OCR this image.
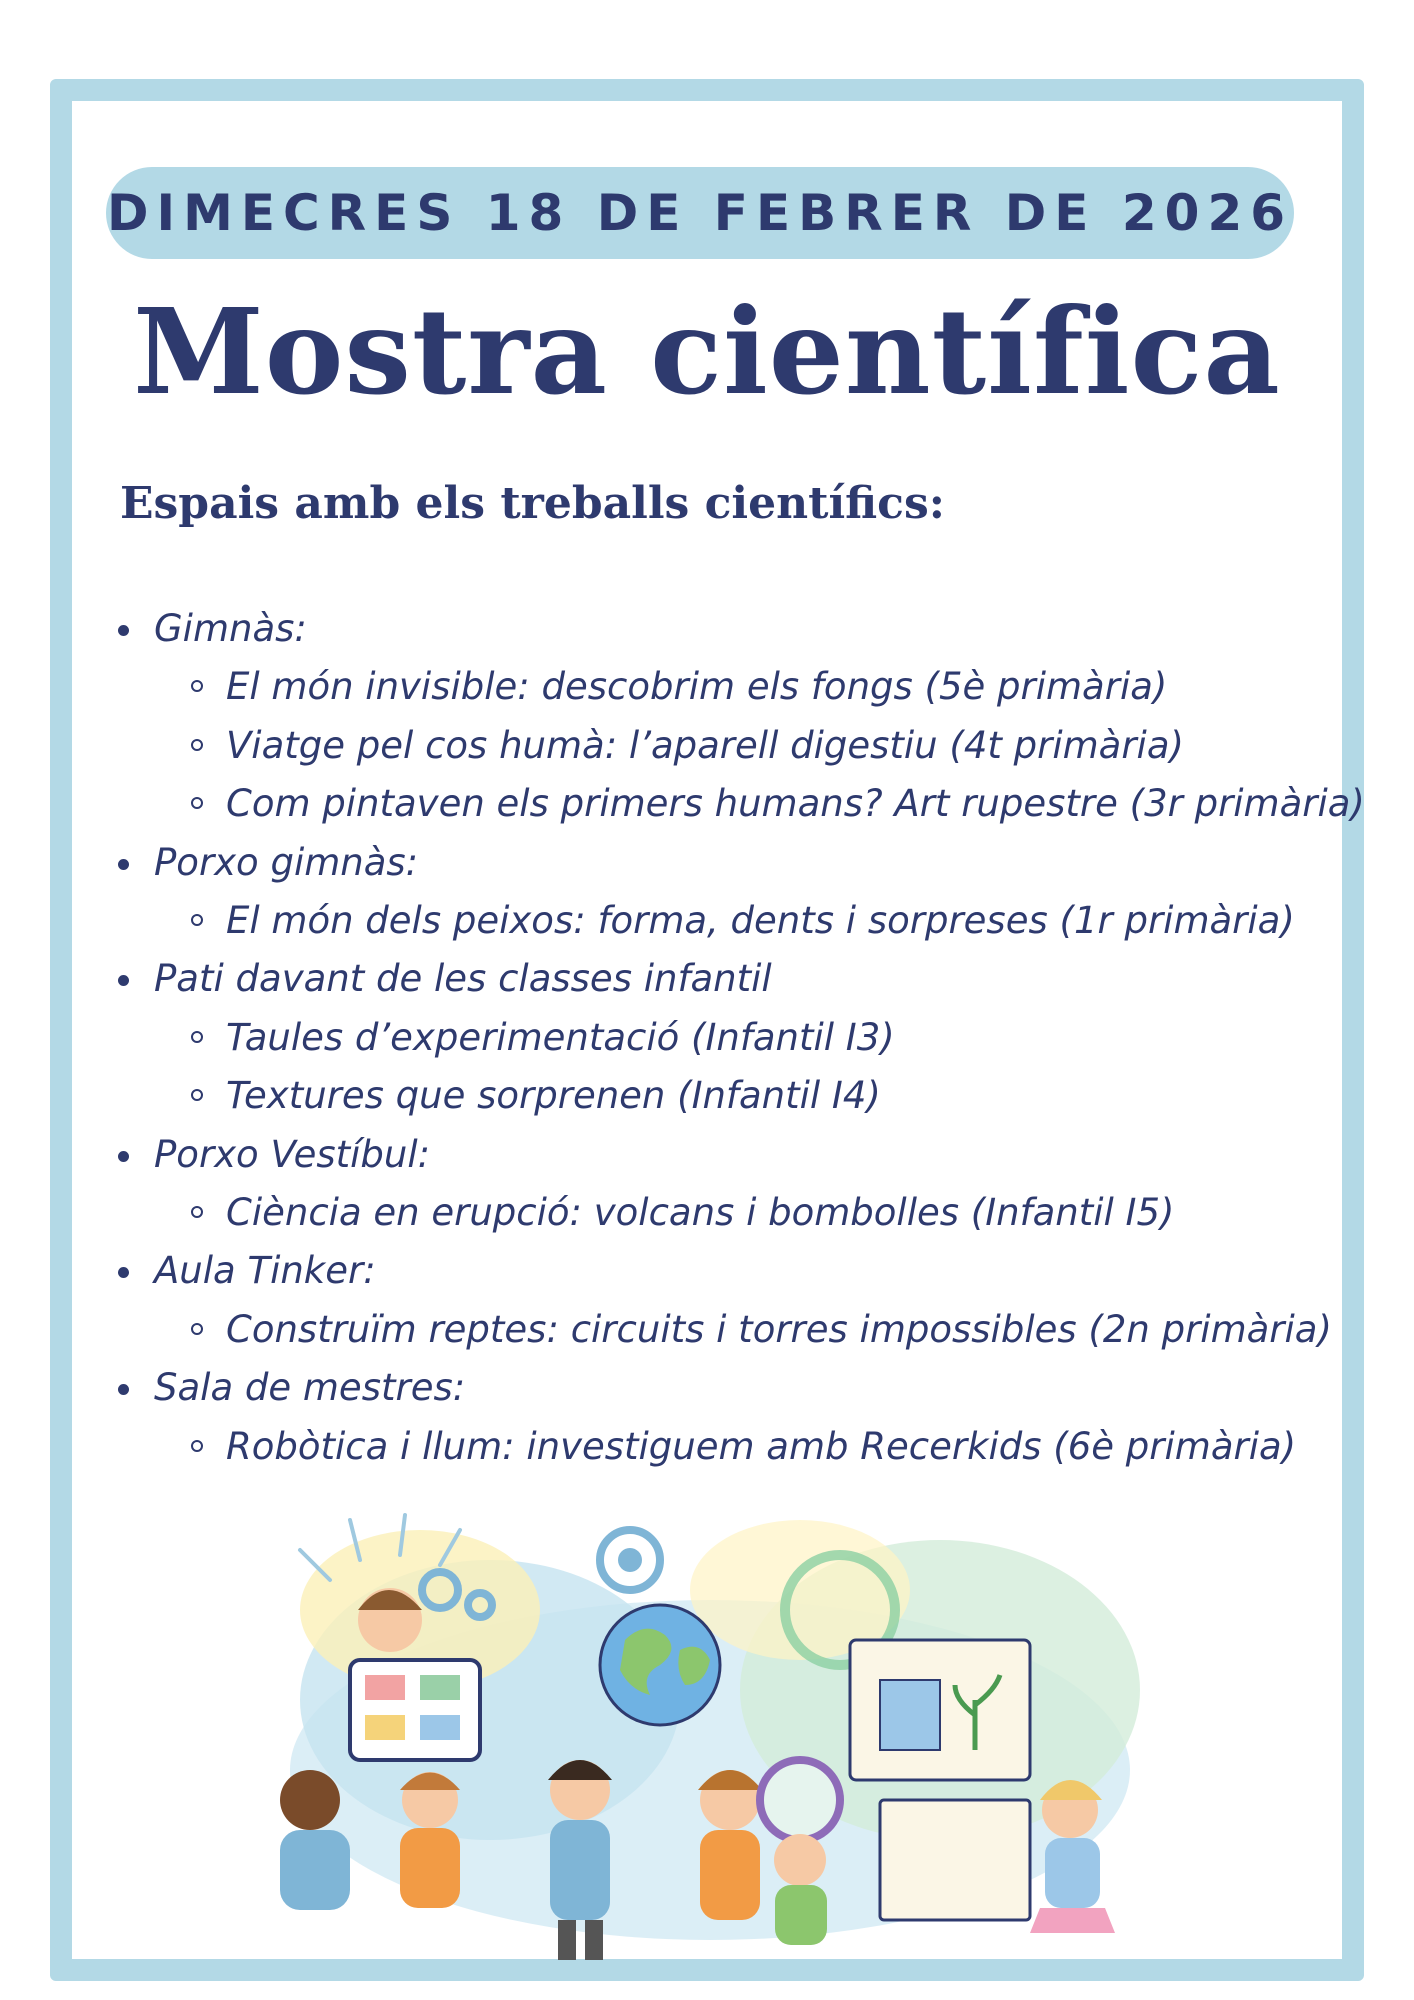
DIMECRES 18 DE FEBRER DE 2026
Mostra científica
Espais amb els treballs científics:
Gimnàs:
El món invisible: descobrim els fongs (5è primària)
Viatge pel cos humà: l’aparell digestiu (4t primària)
Com pintaven els primers humans? Art rupestre (3r primària)
Porxo gimnàs:
El món dels peixos: forma, dents i sorpreses (1r primària)
Pati davant de les classes infantil
Taules d’experimentació (Infantil I3)
Textures que sorprenen (Infantil I4)
Porxo Vestíbul:
Ciència en erupció: volcans i bombolles (Infantil I5)
Aula Tinker:
Construïm reptes: circuits i torres impossibles (2n primària)
Sala de mestres:
Robòtica i llum: investiguem amb Recerkids (6è primària)
